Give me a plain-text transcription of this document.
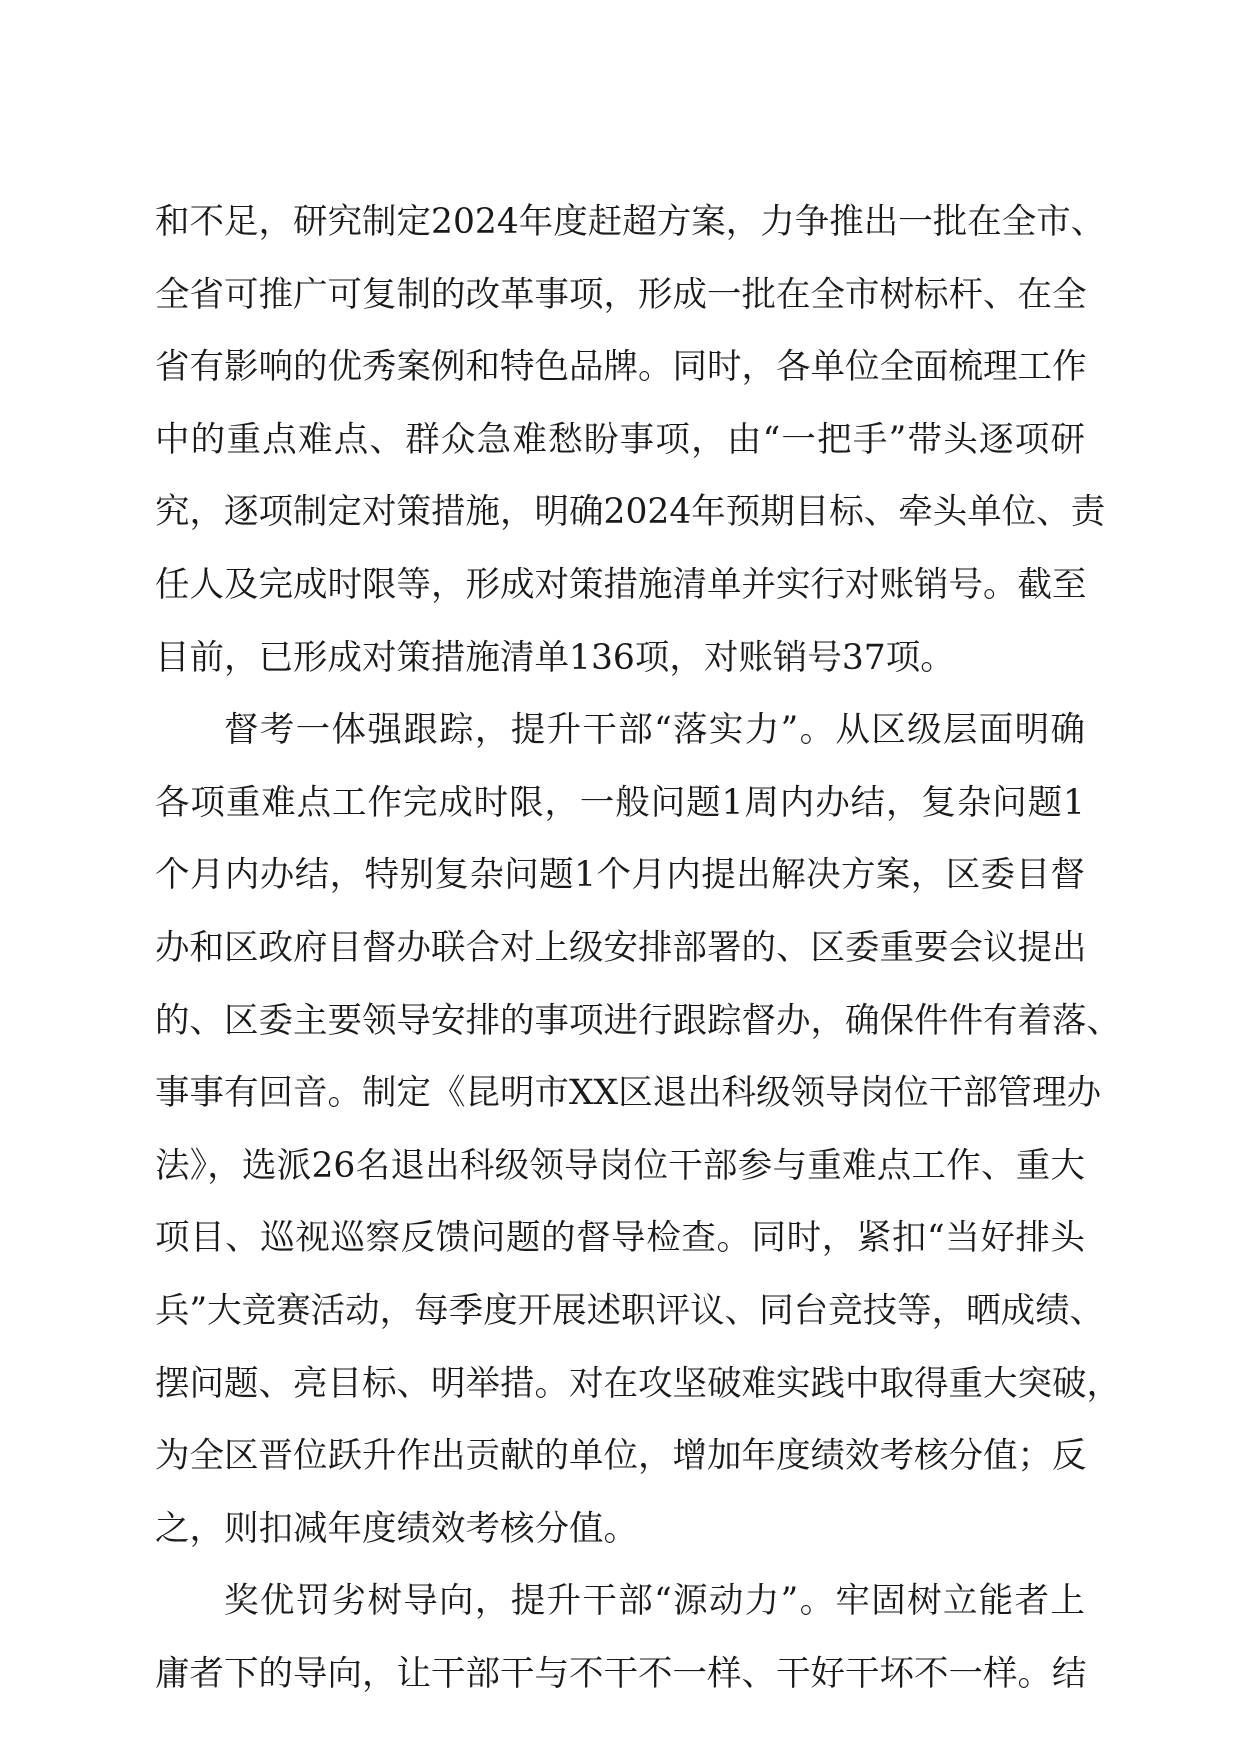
和不足，研究制定2024年度赶超方案，力争推出一批在全市、
全省可推广可复制的改革事项，形成一批在全市树标杆、在全
省有影响的优秀案例和特色品牌。同时，各单位全面梳理工作
中的重点难点、群众急难愁盼事项，由“一把手”带头逐项研
究，逐项制定对策措施，明确2024年预期目标、牵头单位、责
任人及完成时限等，形成对策措施清单并实行对账销号。截至
目前，已形成对策措施清单136项，对账销号37项。
督考一体强跟踪，提升干部“落实力”。从区级层面明确
各项重难点工作完成时限，一般问题1周内办结，复杂问题1
个月内办结，特别复杂问题1个月内提出解决方案，区委目督
办和区政府目督办联合对上级安排部署的、区委重要会议提出
的、区委主要领导安排的事项进行跟踪督办，确保件件有着落、
事事有回音。制定《昆明市XX区退出科级领导岗位干部管理办
法》，选派26名退出科级领导岗位干部参与重难点工作、重大
项目、巡视巡察反馈问题的督导检查。同时，紧扣“当好排头
兵”大竞赛活动，每季度开展述职评议、同台竞技等，晒成绩、
摆问题、亮目标、明举措。对在攻坚破难实践中取得重大突破，
为全区晋位跃升作出贡献的单位，增加年度绩效考核分值；反
之，则扣减年度绩效考核分值。
奖优罚劣树导向，提升干部“源动力”。牢固树立能者上
庸者下的导向，让干部干与不干不一样、干好干坏不一样。结
